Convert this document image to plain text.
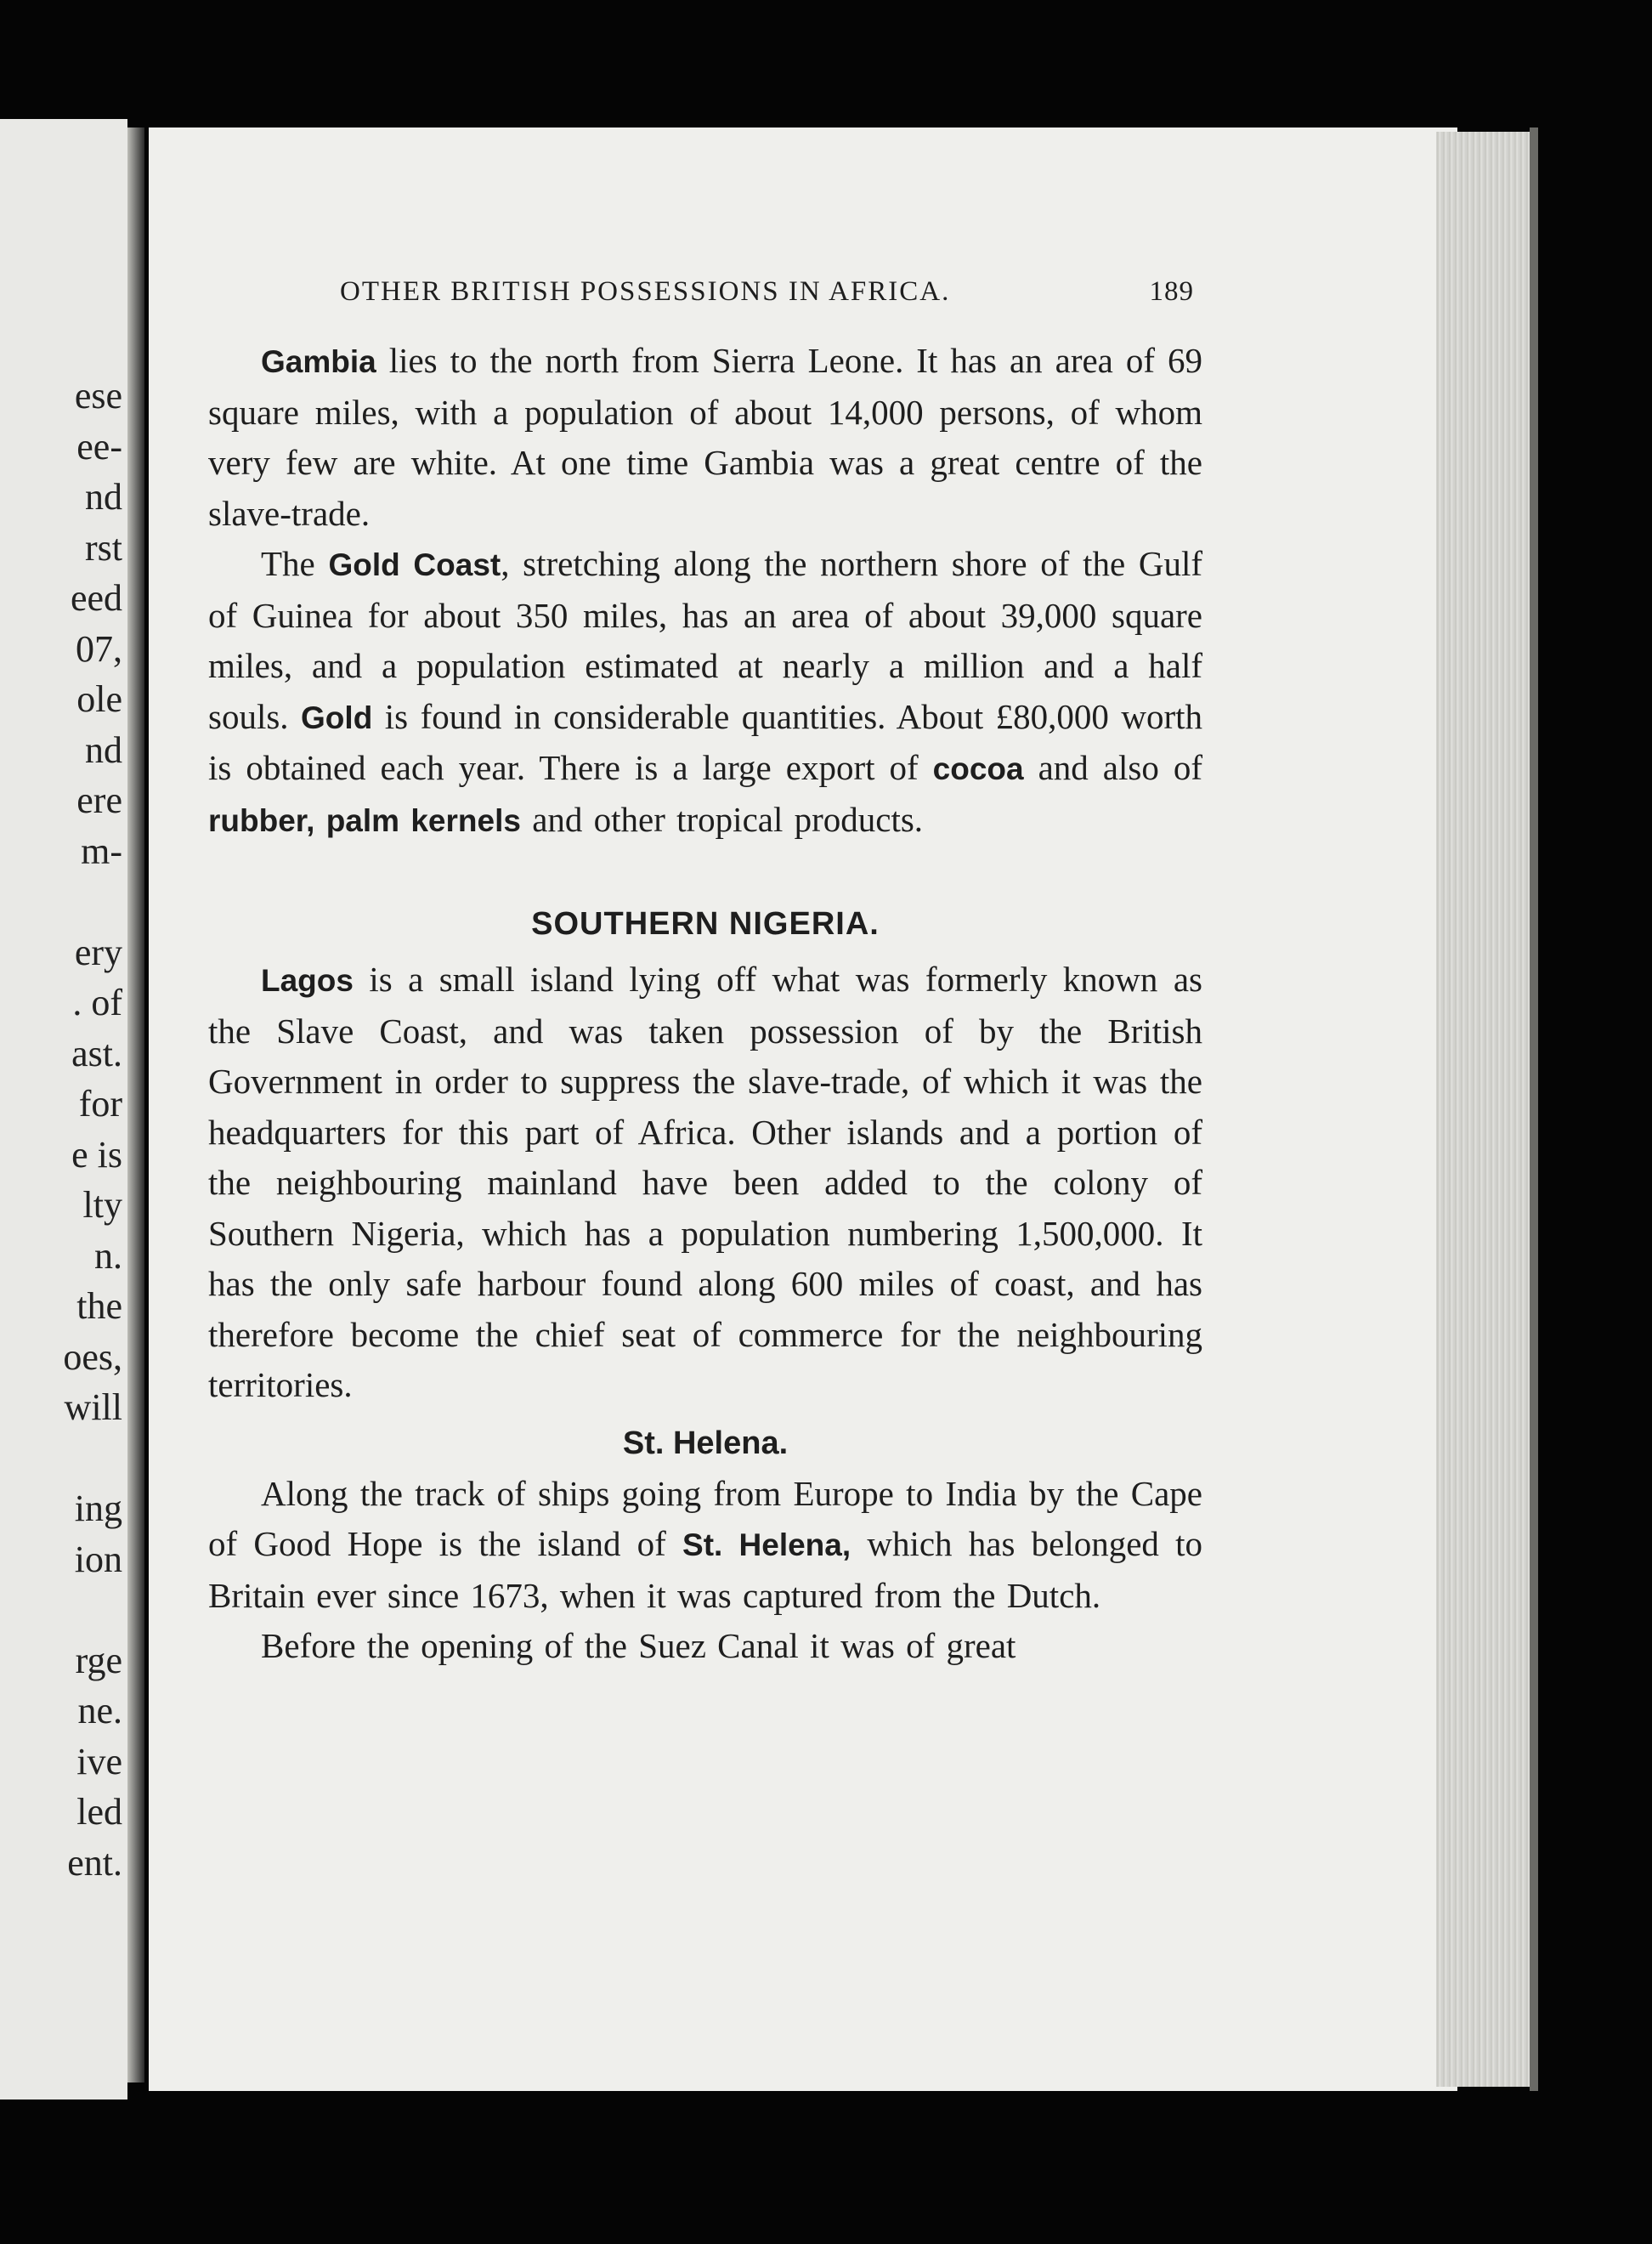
ese
ee-
nd
rst
eed
07,
ole
nd
ere
m-
ery
. of
ast.
for
e is
lty
n.
the
oes,
will
ing
ion
rge
ne.
ive
led
ent.
OTHER BRITISH POSSESSIONS IN AFRICA.	189

Gambia lies to the north from Sierra Leone. It has an area of 69 square miles, with a population of about 14,000 persons, of whom very few are white. At one time Gambia was a great centre of the slave-trade.

The Gold Coast, stretching along the northern shore of the Gulf of Guinea for about 350 miles, has an area of about 39,000 square miles, and a population estimated at nearly a million and a half souls. Gold is found in considerable quantities. About £80,000 worth is obtained each year. There is a large export of cocoa and also of rubber, palm kernels and other tropical products.

SOUTHERN NIGERIA.

Lagos is a small island lying off what was formerly known as the Slave Coast, and was taken possession of by the British Government in order to suppress the slave-trade, of which it was the headquarters for this part of Africa. Other islands and a portion of the neighbouring mainland have been added to the colony of Southern Nigeria, which has a population numbering 1,500,000. It has the only safe harbour found along 600 miles of coast, and has therefore become the chief seat of commerce for the neighbouring territories.

St. Helena.

Along the track of ships going from Europe to India by the Cape of Good Hope is the island of St. Helena, which has belonged to Britain ever since 1673, when it was captured from the Dutch.

Before the opening of the Suez Canal it was of great
